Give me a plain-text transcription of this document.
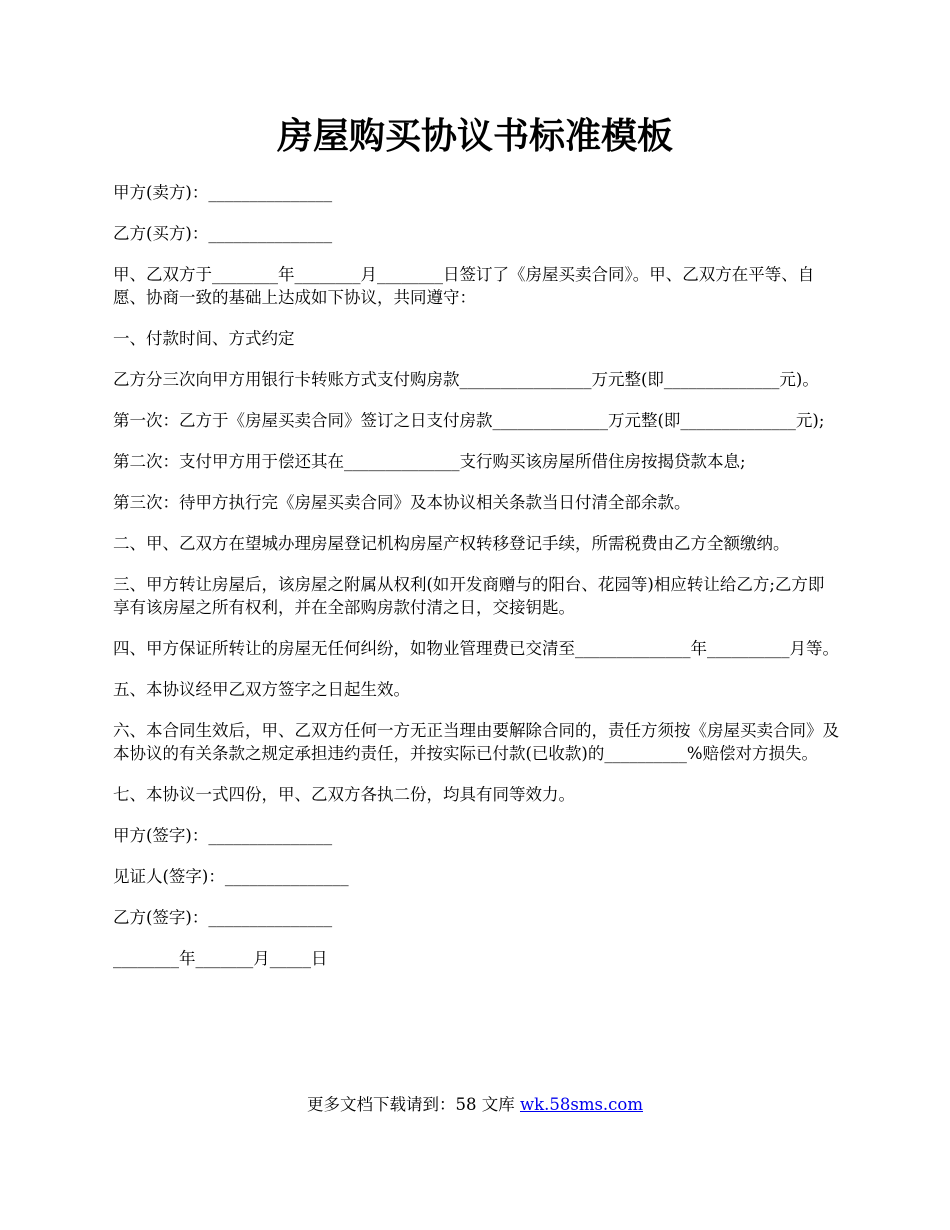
房屋购买协议书标准模板

甲方(卖方)：_______________

乙方(买方)：_______________

甲、乙双方于________年________月________日签订了《房屋买卖合同》。甲、乙双方在平等、自愿、协商一致的基础上达成如下协议，共同遵守：

一、付款时间、方式约定

乙方分三次向甲方用银行卡转账方式支付购房款________________万元整(即______________元)。

第一次：乙方于《房屋买卖合同》签订之日支付房款______________万元整(即______________元);

第二次：支付甲方用于偿还其在______________支行购买该房屋所借住房按揭贷款本息;

第三次：待甲方执行完《房屋买卖合同》及本协议相关条款当日付清全部余款。

二、甲、乙双方在望城办理房屋登记机构房屋产权转移登记手续，所需税费由乙方全额缴纳。

三、甲方转让房屋后，该房屋之附属从权利(如开发商赠与的阳台、花园等)相应转让给乙方;乙方即享有该房屋之所有权利，并在全部购房款付清之日，交接钥匙。

四、甲方保证所转让的房屋无任何纠纷，如物业管理费已交清至______________年__________月等。

五、本协议经甲乙双方签字之日起生效。

六、本合同生效后，甲、乙双方任何一方无正当理由要解除合同的，责任方须按《房屋买卖合同》及本协议的有关条款之规定承担违约责任，并按实际已付款(已收款)的__________%赔偿对方损失。

七、本协议一式四份，甲、乙双方各执二份，均具有同等效力。

甲方(签字)：_______________

见证人(签字)：_______________

乙方(签字)：_______________

________年_______月_____日

更多文档下载请到：58 文库 wk.58sms.com
